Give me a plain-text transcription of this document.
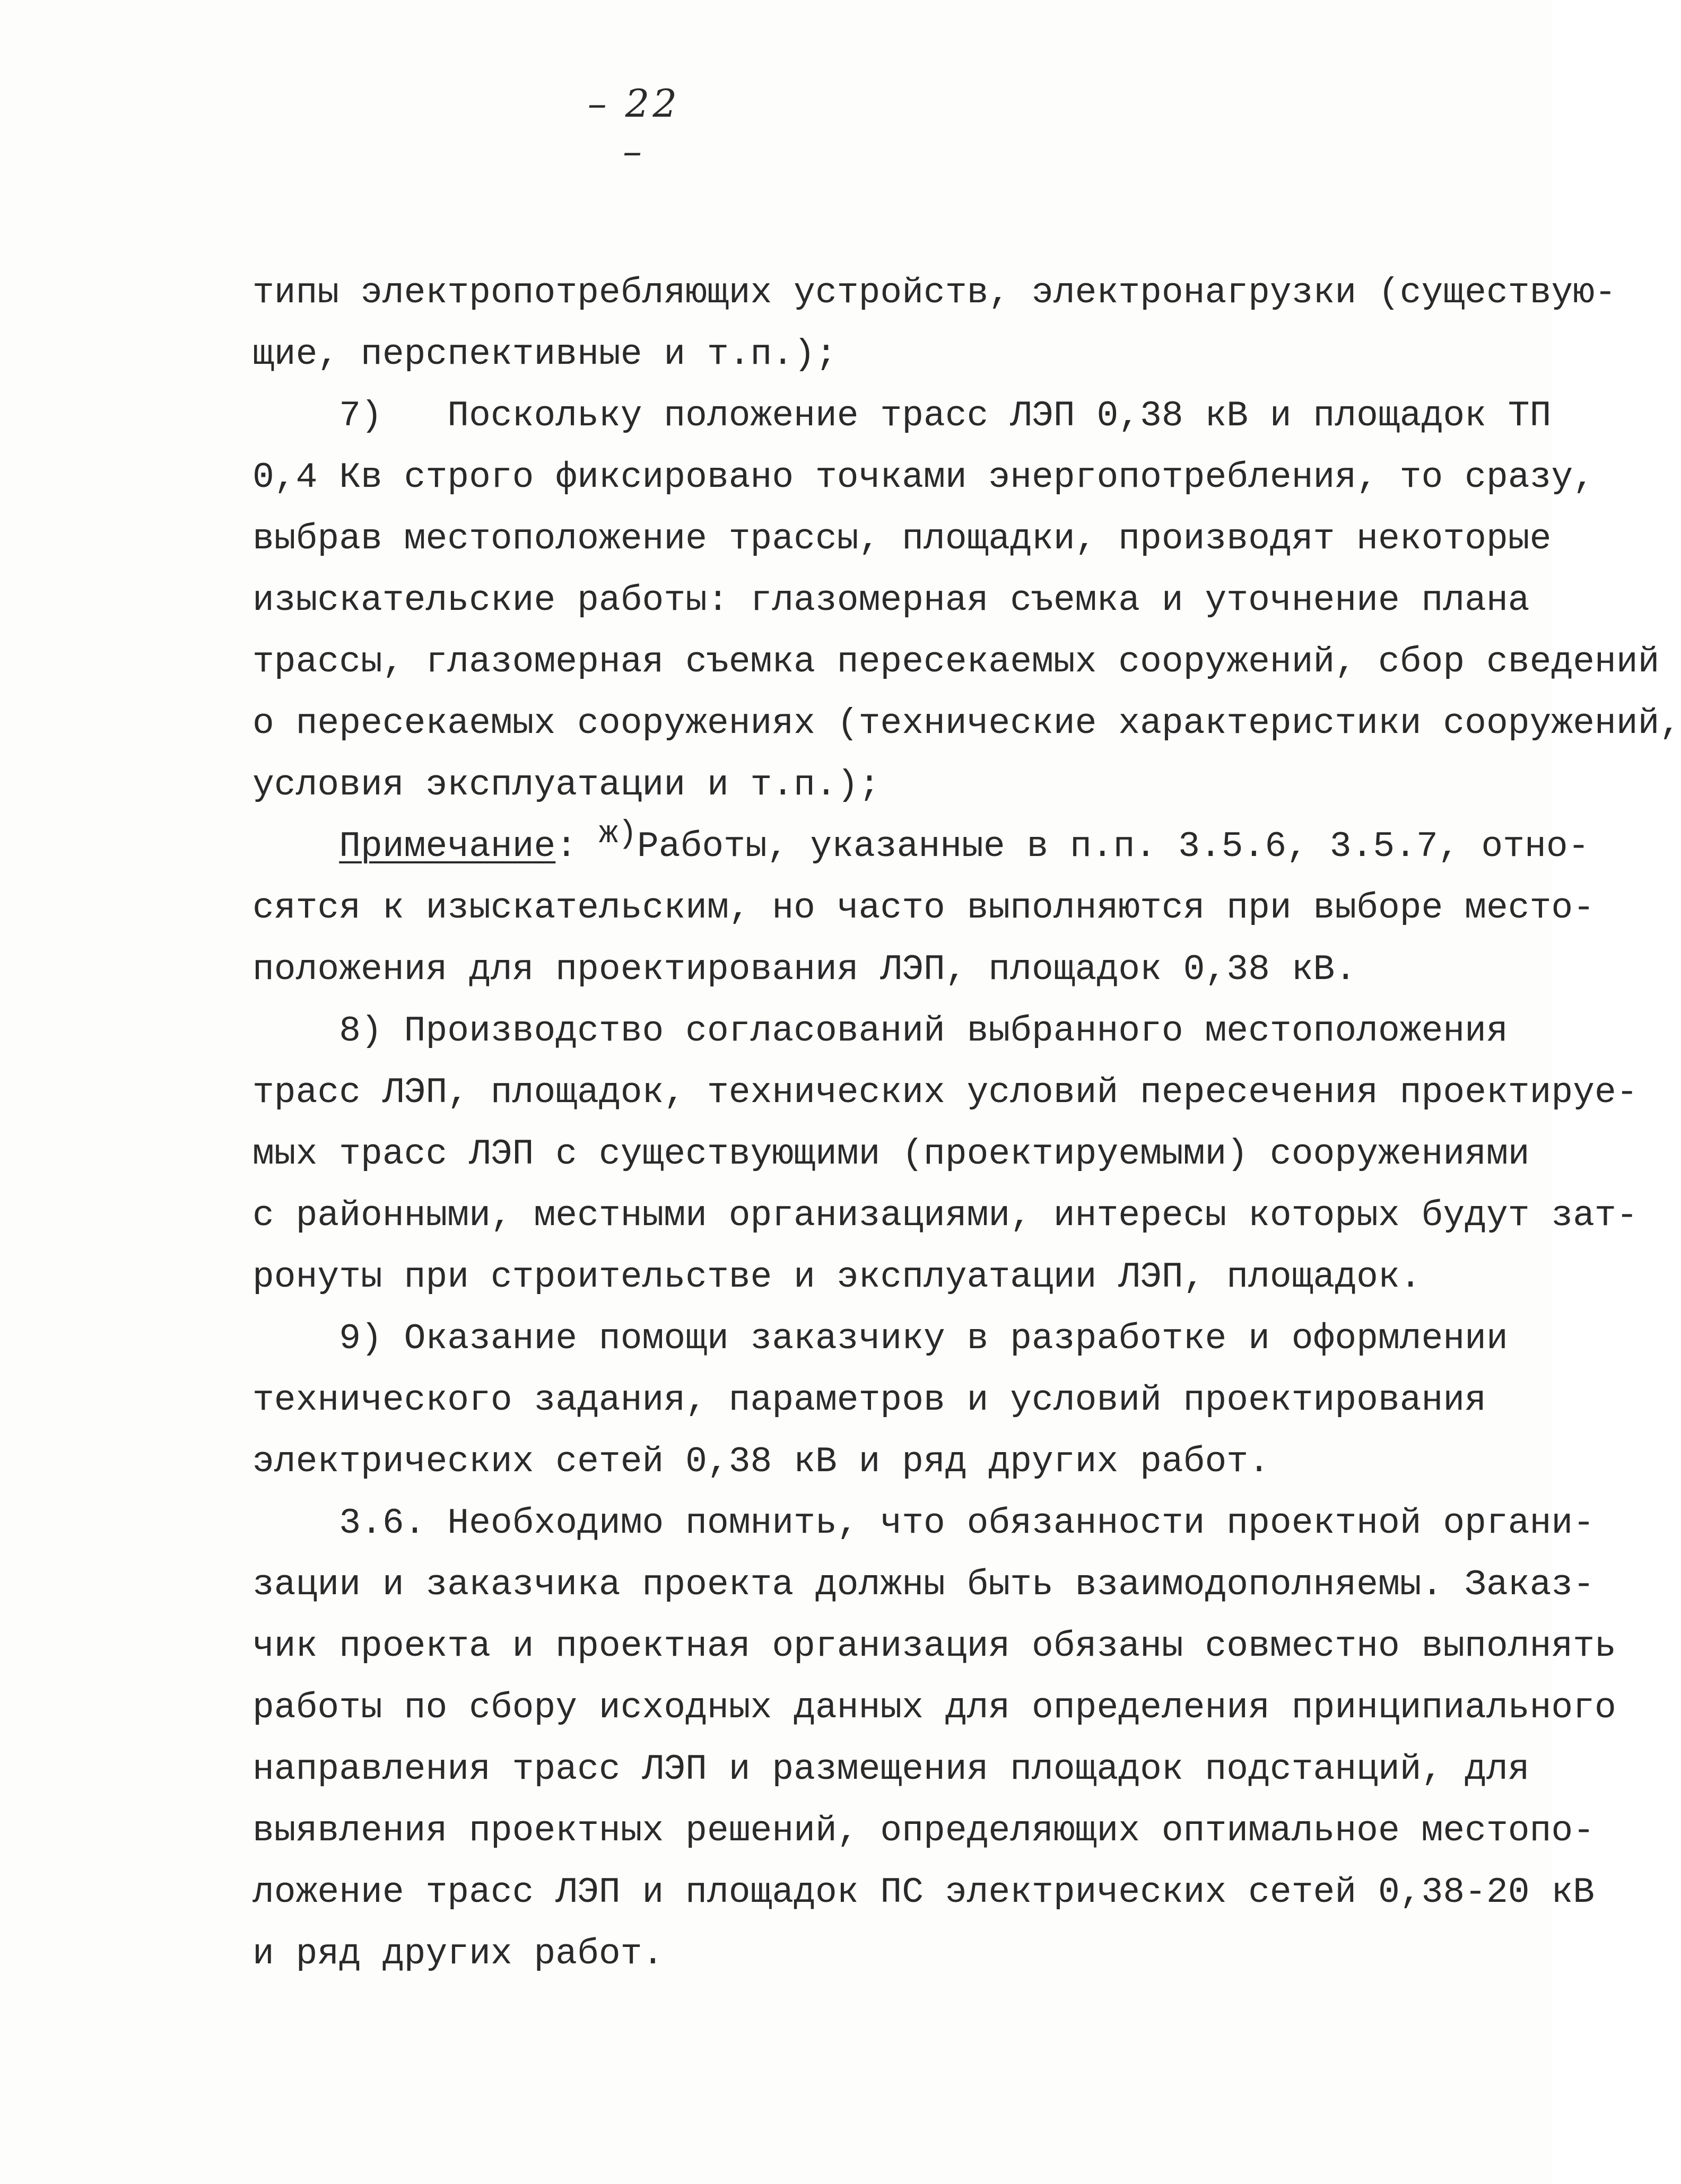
– 22 –
типы электропотребляющих устройств, электронагрузки (существую-
щие, перспективные и т.п.);
7)   Поскольку положение трасс ЛЭП 0,38 кВ и площадок ТП
0,4 Кв строго фиксировано точками энергопотребления, то сразу,
выбрав местоположение трассы, площадки, производят некоторые
изыскательские работы: глазомерная съемка и уточнение плана
трассы, глазомерная съемка пересекаемых сооружений, сбор сведений
о пересекаемых сооружениях (технические характеристики сооружений,
условия эксплуатации и т.п.);
Примечание: ж)Работы, указанные в п.п. 3.5.6, 3.5.7, отно-
сятся к изыскательским, но часто выполняются при выборе место-
положения для проектирования ЛЭП, площадок 0,38 кВ.
8) Производство согласований выбранного местоположения
трасс ЛЭП, площадок, технических условий пересечения проектируе-
мых трасс ЛЭП с существующими (проектируемыми) сооружениями
с районными, местными организациями, интересы которых будут зат-
ронуты при строительстве и эксплуатации ЛЭП, площадок.
9) Оказание помощи заказчику в разработке и оформлении
технического задания, параметров и условий проектирования
электрических сетей 0,38 кВ и ряд других работ.
3.6. Необходимо помнить, что обязанности проектной органи-
зации и заказчика проекта должны быть взаимодополняемы. Заказ-
чик проекта и проектная организация обязаны совместно выполнять
работы по сбору исходных данных для определения принципиального
направления трасс ЛЭП и размещения площадок подстанций, для
выявления проектных решений, определяющих оптимальное местопо-
ложение трасс ЛЭП и площадок ПС электрических сетей 0,38-20 кВ
и ряд других работ.
